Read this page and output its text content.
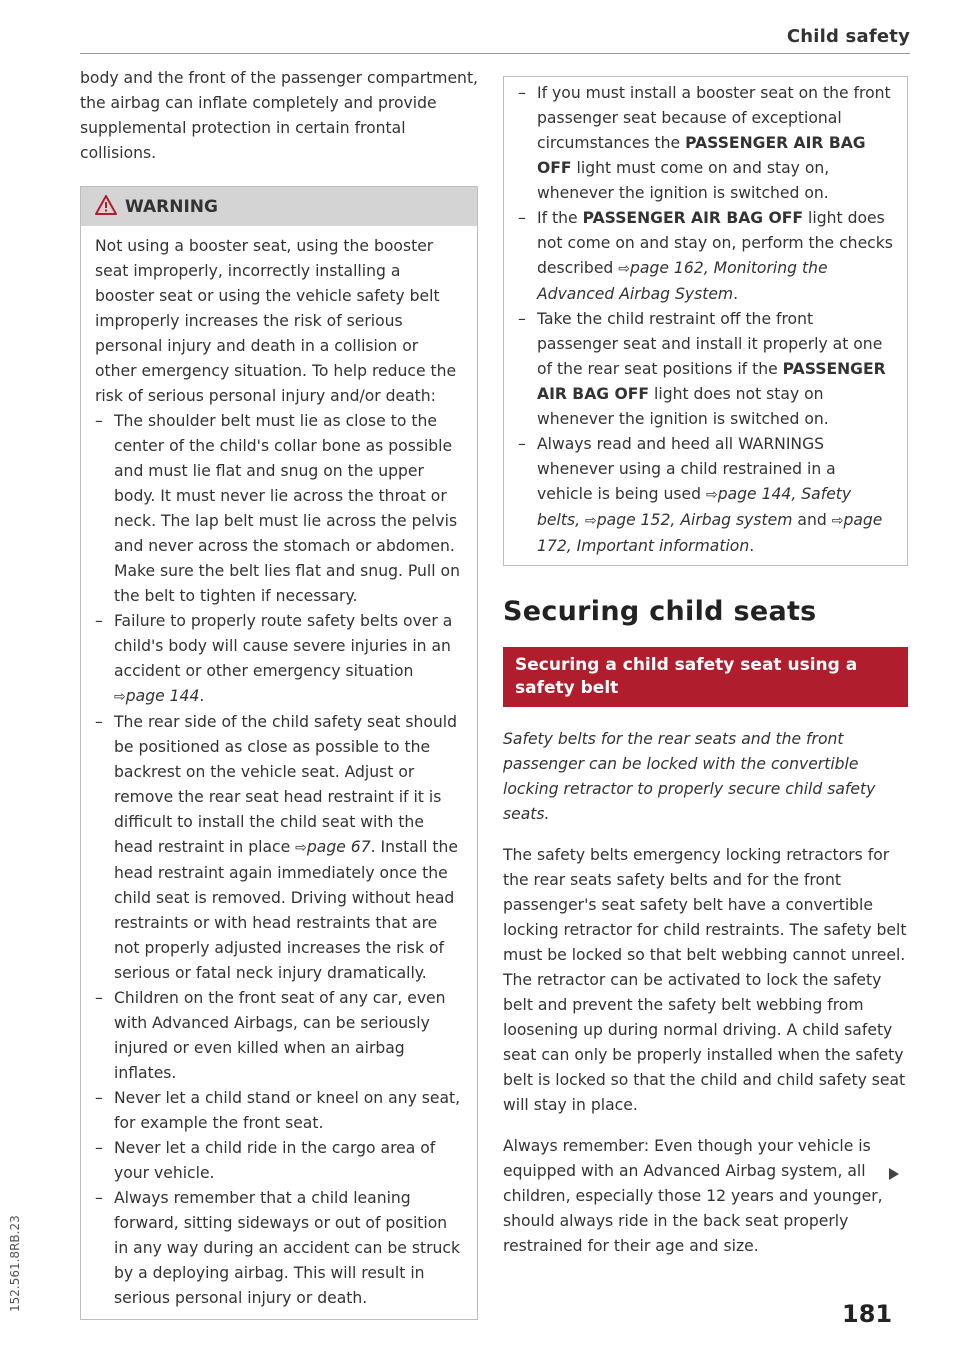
Child safety
152.561.8RB.23

body and the front of the passenger compartment, the airbag can inflate completely and provide supplemental protection in certain frontal collisions.

WARNING

Not using a booster seat, using the booster seat improperly, incorrectly installing a booster seat or using the vehicle safety belt improperly increases the risk of serious personal injury and death in a collision or other emergency situation. To help reduce the risk of serious personal injury and/or death:

– The shoulder belt must lie as close to the center of the child's collar bone as possible and must lie flat and snug on the upper body. It must never lie across the throat or neck. The lap belt must lie across the pelvis and never across the stomach or abdomen. Make sure the belt lies flat and snug. Pull on the belt to tighten if necessary.
– Failure to properly route safety belts over a child's body will cause severe injuries in an accident or other emergency situation ⇨page 144.
– The rear side of the child safety seat should be positioned as close as possible to the backrest on the vehicle seat. Adjust or remove the rear seat head restraint if it is difficult to install the child seat with the head restraint in place ⇨page 67. Install the head restraint again immediately once the child seat is removed. Driving without head restraints or with head restraints that are not properly adjusted increases the risk of serious or fatal neck injury dramatically.
– Children on the front seat of any car, even with Advanced Airbags, can be seriously injured or even killed when an airbag inflates.
– Never let a child stand or kneel on any seat, for example the front seat.
– Never let a child ride in the cargo area of your vehicle.
– Always remember that a child leaning forward, sitting sideways or out of position in any way during an accident can be struck by a deploying airbag. This will result in serious personal injury or death.
– If you must install a booster seat on the front passenger seat because of exceptional circumstances the PASSENGER AIR BAG OFF light must come on and stay on, whenever the ignition is switched on.
– If the PASSENGER AIR BAG OFF light does not come on and stay on, perform the checks described ⇨page 162, Monitoring the Advanced Airbag System.
– Take the child restraint off the front passenger seat and install it properly at one of the rear seat positions if the PASSENGER AIR BAG OFF light does not stay on whenever the ignition is switched on.
– Always read and heed all WARNINGS whenever using a child restrained in a vehicle is being used ⇨page 144, Safety belts, ⇨page 152, Airbag system and ⇨page 172, Important information.
Securing child seats
Securing a child safety seat using a safety belt

Safety belts for the rear seats and the front passenger can be locked with the convertible locking retractor to properly secure child safety seats.

The safety belts emergency locking retractors for the rear seats safety belts and for the front passenger's seat safety belt have a convertible locking retractor for child restraints. The safety belt must be locked so that belt webbing cannot unreel. The retractor can be activated to lock the safety belt and prevent the safety belt webbing from loosening up during normal driving. A child safety seat can only be properly installed when the safety belt is locked so that the child and child safety seat will stay in place.

Always remember: Even though your vehicle is equipped with an Advanced Airbag system, all children, especially those 12 years and younger, should always ride in the back seat properly restrained for their age and size.

181
